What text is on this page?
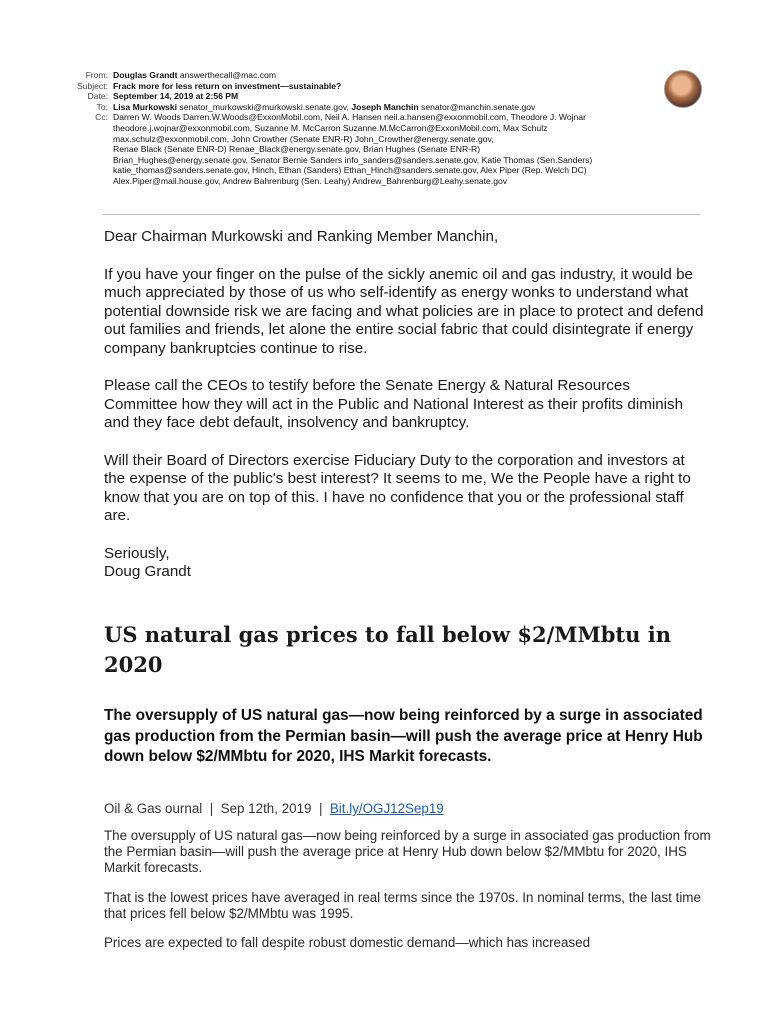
From: Douglas Grandt answerthecall@mac.com
Subject: Frack more for less return on investment—sustainable?
Date: September 14, 2019 at 2:56 PM
To: Lisa Murkowski senator_murkowski@murkowski.senate.gov, Joseph Manchin senator@manchin.senate.gov
Cc: Darren W. Woods Darren.W.Woods@ExxonMobil.com, Neil A. Hansen neil.a.hansen@exxonmobil.com, Theodore J. Wojnar
theodore.j.wojnar@exxonmobil.com, Suzanne M. McCarron Suzanne.M.McCarron@ExxonMobil.com, Max Schulz
max.schulz@exxonmobil.com, John Crowther (Senate ENR-R) John_Crowther@energy.senate.gov,
Renae Black (Senate ENR-D) Renae_Black@energy.senate.gov, Brian Hughes (Senate ENR-R)
Brian_Hughes@energy.senate.gov, Senator Bernie Sanders info_sanders@sanders.senate.gov, Katie Thomas (Sen.Sanders)
katie_thomas@sanders.senate.gov, Hinch, Ethan (Sanders) Ethan_Hinch@sanders.senate.gov, Alex Piper (Rep. Welch DC)
Alex.Piper@mail.house.gov, Andrew Bahrenburg (Sen. Leahy) Andrew_Bahrenburg@Leahy.senate.gov

Dear Chairman Murkowski and Ranking Member Manchin,

If you have your finger on the pulse of the sickly anemic oil and gas industry, it would be much appreciated by those of us who self-identify as energy wonks to understand what potential downside risk we are facing and what policies are in place to protect and defend out families and friends, let alone the entire social fabric that could disintegrate if energy company bankruptcies continue to rise.

Please call the CEOs to testify before the Senate Energy & Natural Resources Committee how they will act in the Public and National Interest as their profits diminish and they face debt default, insolvency and bankruptcy.

Will their Board of Directors exercise Fiduciary Duty to the corporation and investors at the expense of the public's best interest? It seems to me, We the People have a right to know that you are on top of this. I have no confidence that you or the professional staff are.

Seriously,

Doug Grandt

US natural gas prices to fall below $2/MMbtu in 2020

The oversupply of US natural gas—now being reinforced by a surge in associated gas production from the Permian basin—will push the average price at Henry Hub down below $2/MMbtu for 2020, IHS Markit forecasts.

Oil & Gas ournal | Sep 12th, 2019 | Bit.ly/OGJ12Sep19

The oversupply of US natural gas—now being reinforced by a surge in associated gas production from the Permian basin—will push the average price at Henry Hub down below $2/MMbtu for 2020, IHS Markit forecasts.

That is the lowest prices have averaged in real terms since the 1970s. In nominal terms, the last time that prices fell below $2/MMbtu was 1995.

Prices are expected to fall despite robust domestic demand—which has increased
